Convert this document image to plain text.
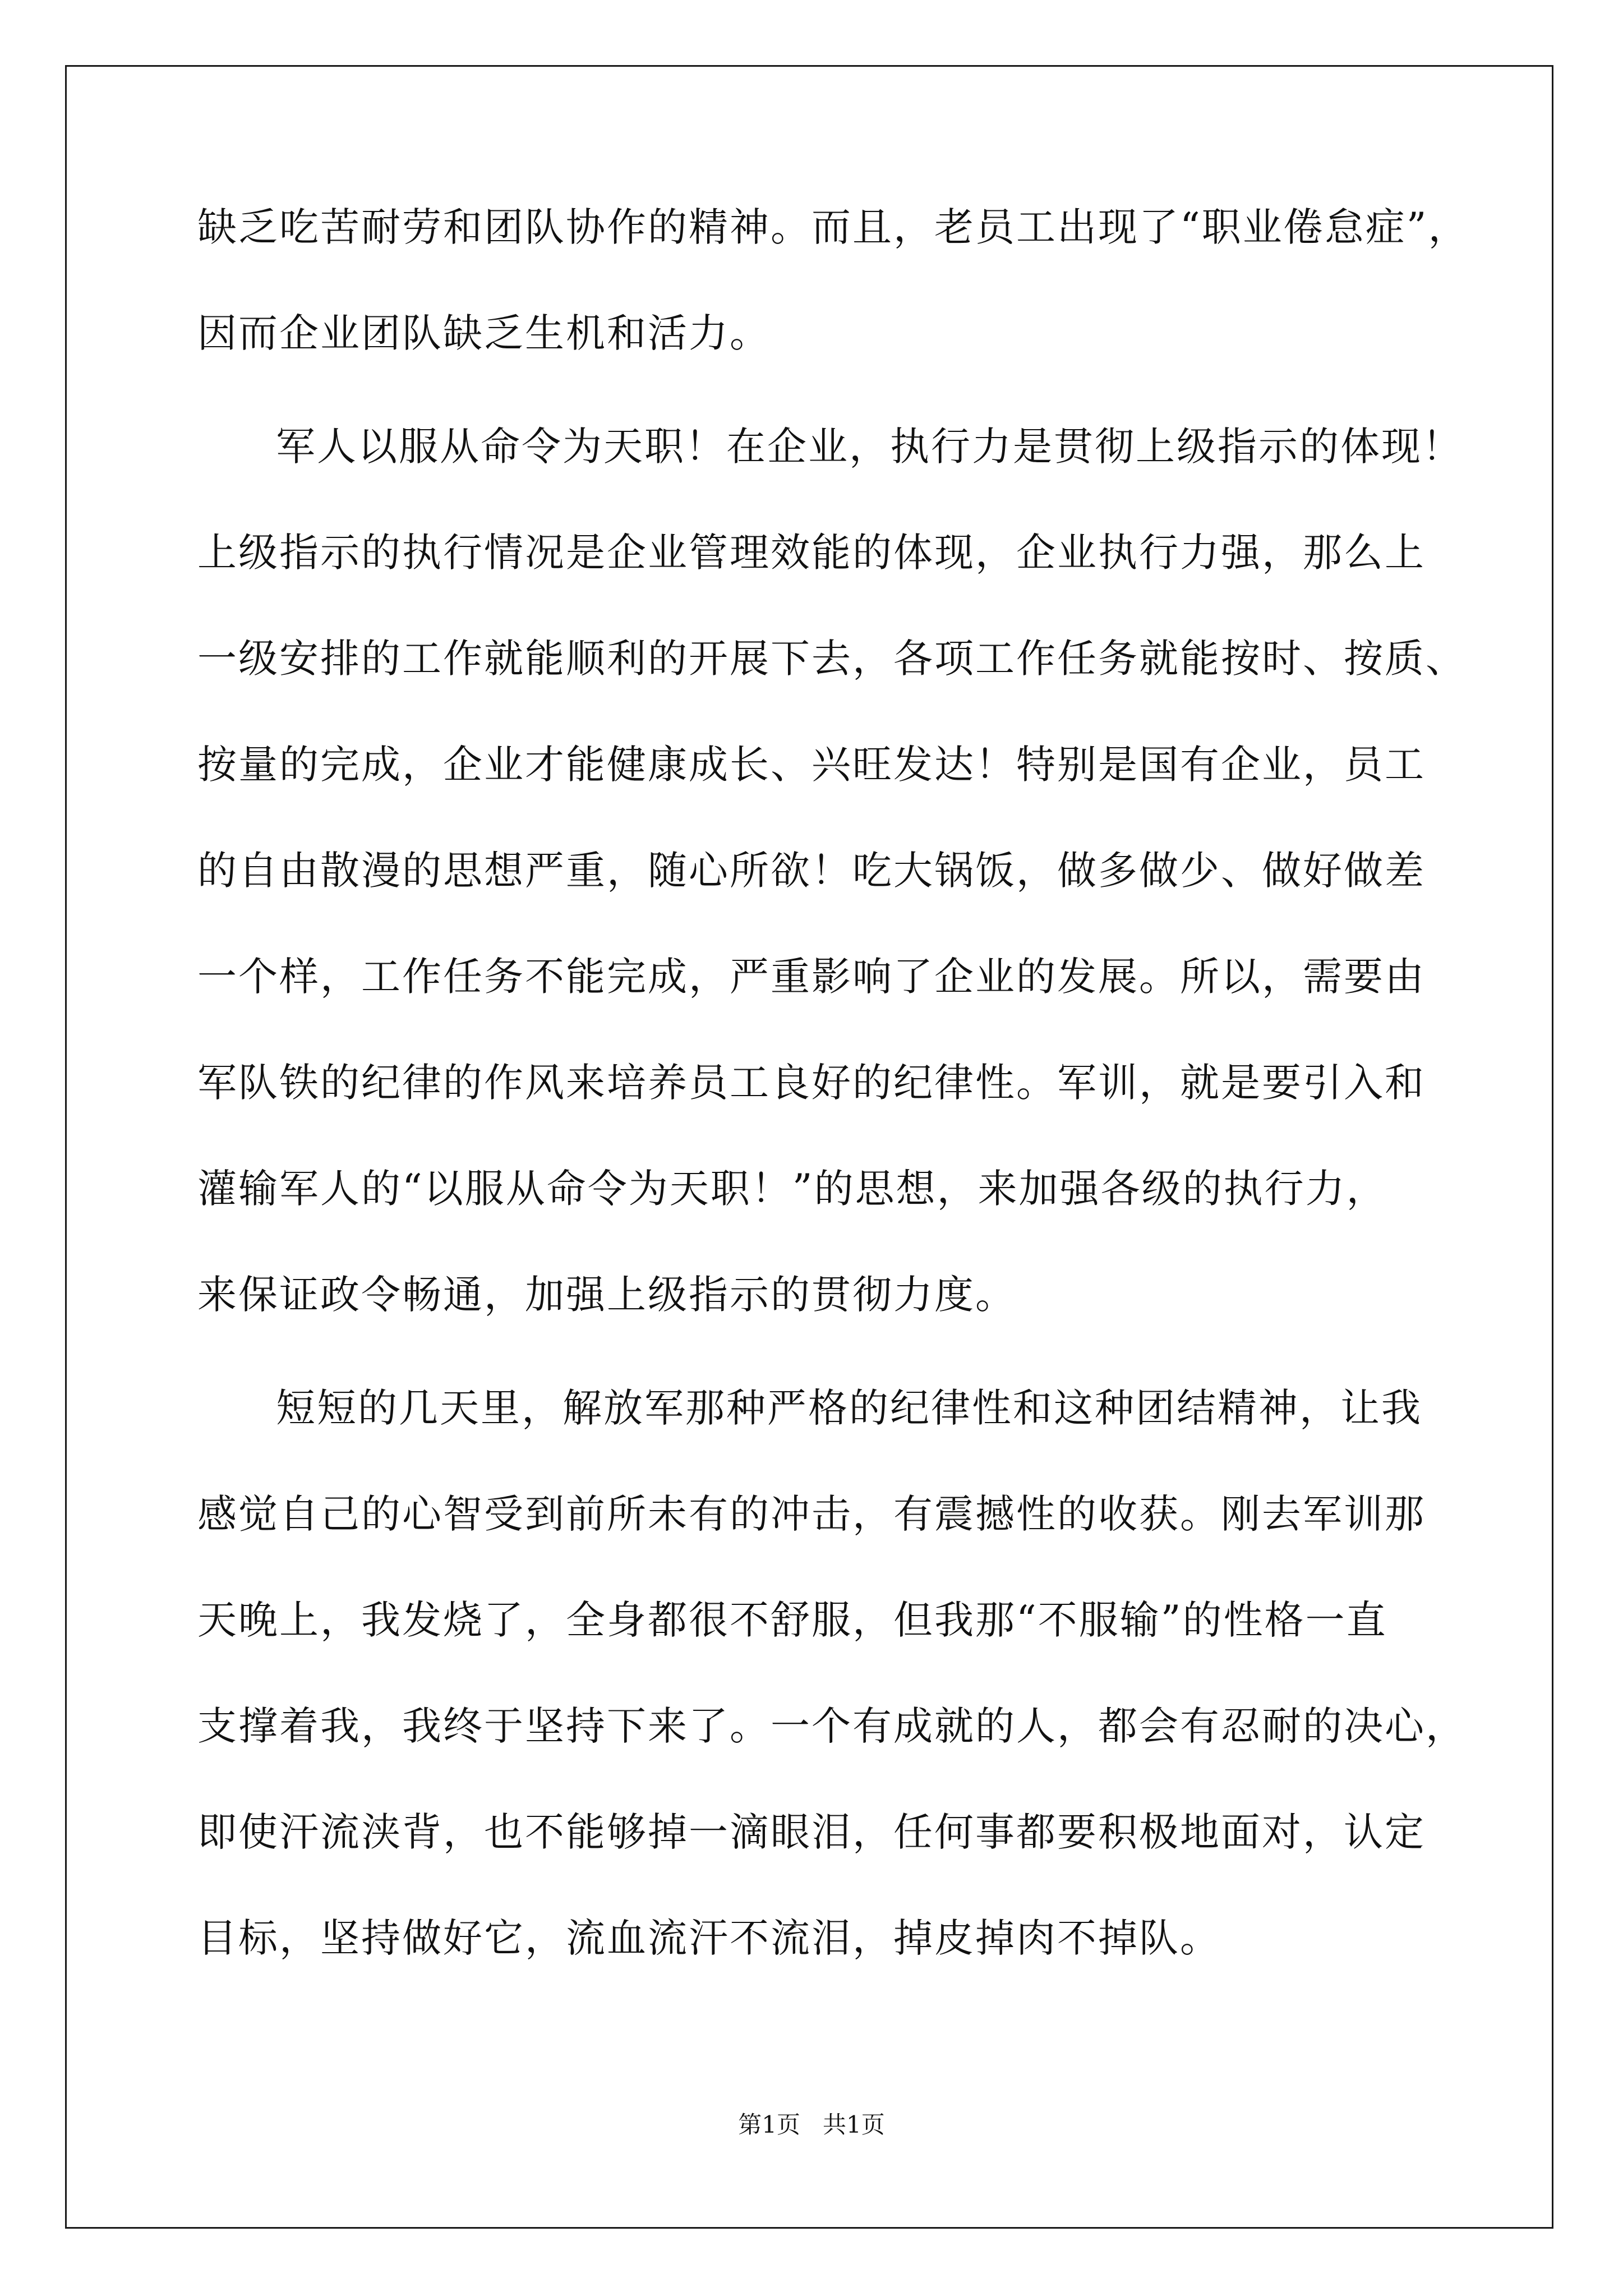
缺乏吃苦耐劳和团队协作的精神。而且，老员工出现了“职业倦怠症”，
因而企业团队缺乏生机和活力。
军人以服从命令为天职！在企业，执行力是贯彻上级指示的体现！
上级指示的执行情况是企业管理效能的体现，企业执行力强，那么上
一级安排的工作就能顺利的开展下去，各项工作任务就能按时、按质、
按量的完成，企业才能健康成长、兴旺发达！特别是国有企业，员工
的自由散漫的思想严重，随心所欲！吃大锅饭，做多做少、做好做差
一个样，工作任务不能完成，严重影响了企业的发展。所以，需要由
军队铁的纪律的作风来培养员工良好的纪律性。军训，就是要引入和
灌输军人的“以服从命令为天职！”的思想，来加强各级的执行力，
来保证政令畅通，加强上级指示的贯彻力度。
短短的几天里，解放军那种严格的纪律性和这种团结精神，让我
感觉自己的心智受到前所未有的冲击，有震撼性的收获。刚去军训那
天晚上，我发烧了，全身都很不舒服，但我那“不服输”的性格一直
支撑着我，我终于坚持下来了。一个有成就的人，都会有忍耐的决心，
即使汗流浃背，也不能够掉一滴眼泪，任何事都要积极地面对，认定
目标，坚持做好它，流血流汗不流泪，掉皮掉肉不掉队。
第1页 共1页
